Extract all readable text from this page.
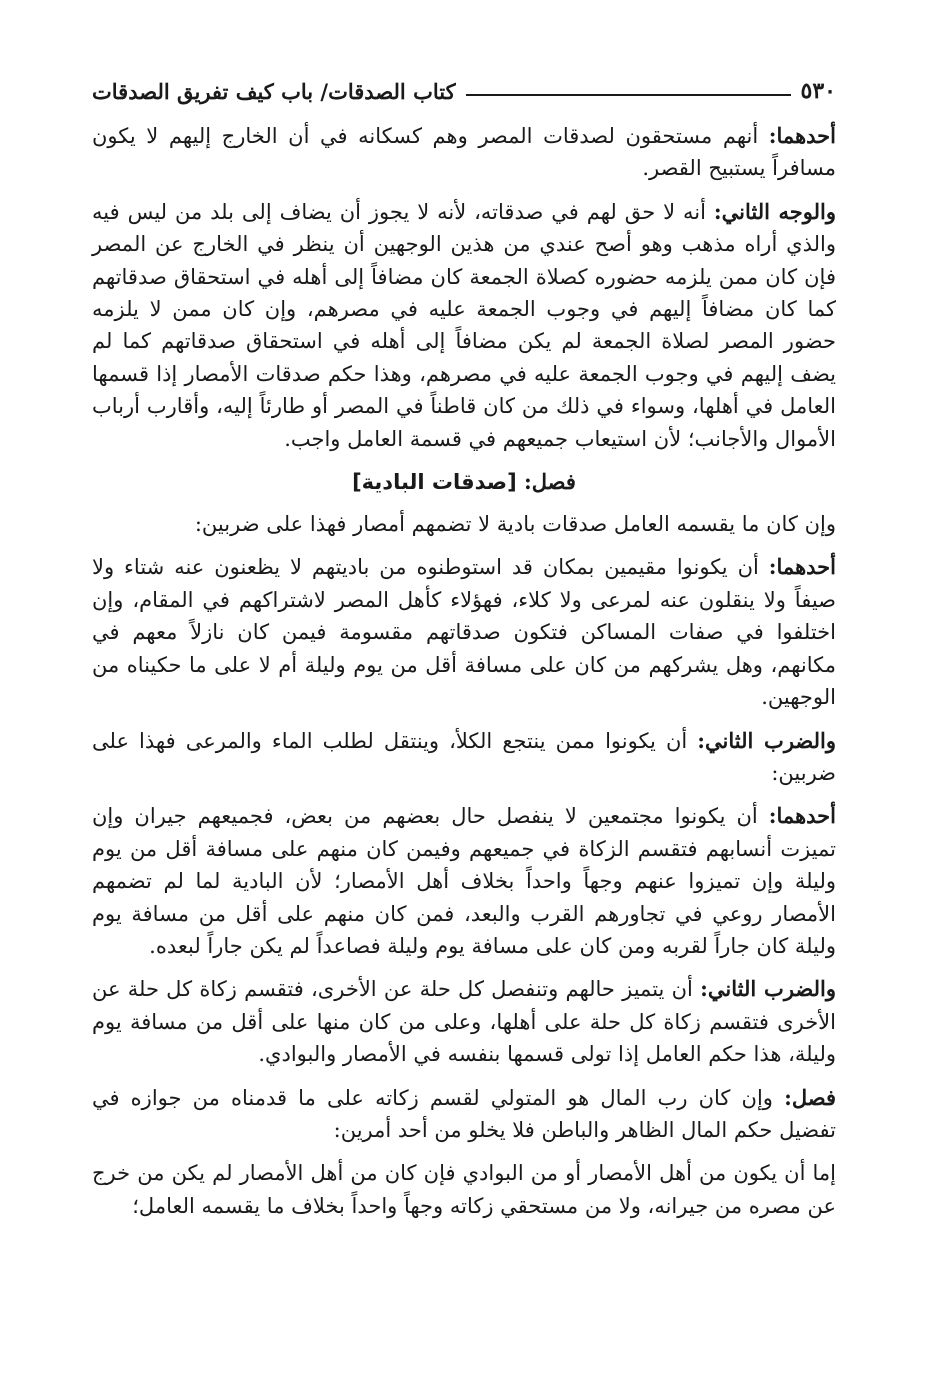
٥٣٠
كتاب الصدقات/ باب كيف تفريق الصدقات

أحدهما: أنهم مستحقون لصدقات المصر وهم كسكانه في أن الخارج إليهم لا يكون مسافراً يستبيح القصر.

والوجه الثاني: أنه لا حق لهم في صدقاته، لأنه لا يجوز أن يضاف إلى بلد من ليس فيه والذي أراه مذهب وهو أصح عندي من هذين الوجهين أن ينظر في الخارج عن المصر فإن كان ممن يلزمه حضوره كصلاة الجمعة كان مضافاً إلى أهله في استحقاق صدقاتهم كما كان مضافاً إليهم في وجوب الجمعة عليه في مصرهم، وإن كان ممن لا يلزمه حضور المصر لصلاة الجمعة لم يكن مضافاً إلى أهله في استحقاق صدقاتهم كما لم يضف إليهم في وجوب الجمعة عليه في مصرهم، وهذا حكم صدقات الأمصار إذا قسمها العامل في أهلها، وسواء في ذلك من كان قاطناً في المصر أو طارئاً إليه، وأقارب أرباب الأموال والأجانب؛ لأن استيعاب جميعهم في قسمة العامل واجب.

فصل: [صدقات البادية]

وإن كان ما يقسمه العامل صدقات بادية لا تضمهم أمصار فهذا على ضربين:

أحدهما: أن يكونوا مقيمين بمكان قد استوطنوه من باديتهم لا يظعنون عنه شتاء ولا صيفاً ولا ينقلون عنه لمرعى ولا كلاء، فهؤلاء كأهل المصر لاشتراكهم في المقام، وإن اختلفوا في صفات المساكن فتكون صدقاتهم مقسومة فيمن كان نازلاً معهم في مكانهم، وهل يشركهم من كان على مسافة أقل من يوم وليلة أم لا على ما حكيناه من الوجهين.

والضرب الثاني: أن يكونوا ممن ينتجع الكلأ، وينتقل لطلب الماء والمرعى فهذا على ضربين:

أحدهما: أن يكونوا مجتمعين لا ينفصل حال بعضهم من بعض، فجميعهم جيران وإن تميزت أنسابهم فتقسم الزكاة في جميعهم وفيمن كان منهم على مسافة أقل من يوم وليلة وإن تميزوا عنهم وجهاً واحداً بخلاف أهل الأمصار؛ لأن البادية لما لم تضمهم الأمصار روعي في تجاورهم القرب والبعد، فمن كان منهم على أقل من مسافة يوم وليلة كان جاراً لقربه ومن كان على مسافة يوم وليلة فصاعداً لم يكن جاراً لبعده.

والضرب الثاني: أن يتميز حالهم وتنفصل كل حلة عن الأخرى، فتقسم زكاة كل حلة عن الأخرى فتقسم زكاة كل حلة على أهلها، وعلى من كان منها على أقل من مسافة يوم وليلة، هذا حكم العامل إذا تولى قسمها بنفسه في الأمصار والبوادي.

فصل: وإن كان رب المال هو المتولي لقسم زكاته على ما قدمناه من جوازه في تفضيل حكم المال الظاهر والباطن فلا يخلو من أحد أمرين:

إما أن يكون من أهل الأمصار أو من البوادي فإن كان من أهل الأمصار لم يكن من خرج عن مصره من جيرانه، ولا من مستحقي زكاته وجهاً واحداً بخلاف ما يقسمه العامل؛
